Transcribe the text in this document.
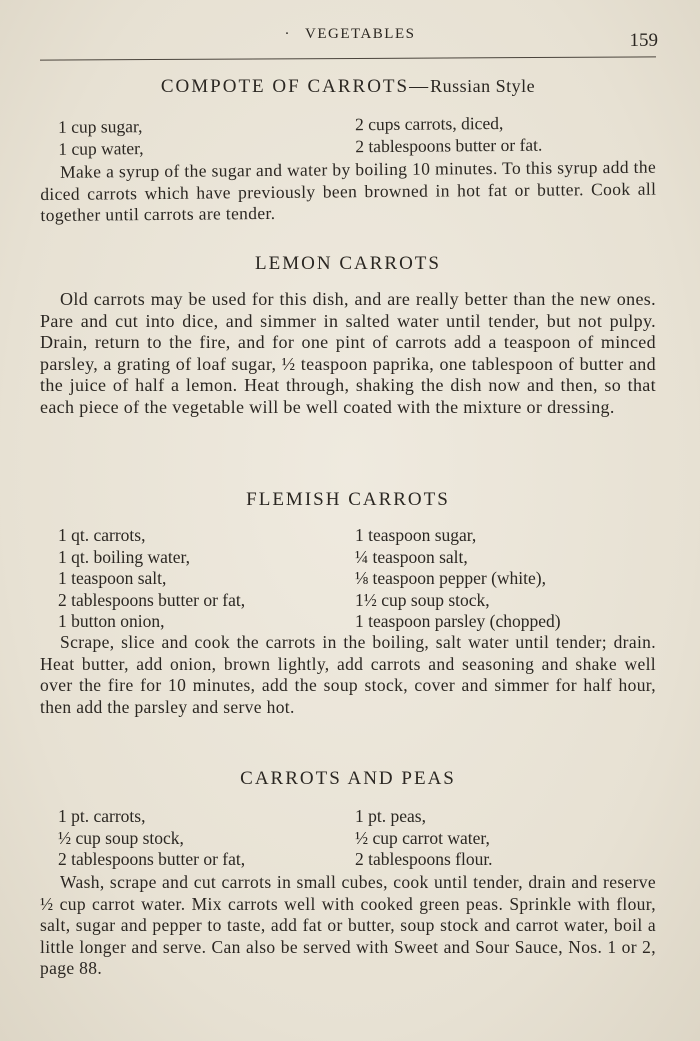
· VEGETABLES	159
COMPOTE OF CARROTS—Russian Style
1 cup sugar,	2 cups carrots, diced,
1 cup water,	2 tablespoons butter or fat.

Make a syrup of the sugar and water by boiling 10 minutes. To this syrup add the diced carrots which have previously been browned in hot fat or butter. Cook all together until carrots are tender.

LEMON CARROTS

Old carrots may be used for this dish, and are really better than the new ones. Pare and cut into dice, and simmer in salted water until tender, but not pulpy. Drain, return to the fire, and for one pint of carrots add a teaspoon of minced parsley, a grating of loaf sugar, ½ teaspoon paprika, one tablespoon of butter and the juice of half a lemon. Heat through, shaking the dish now and then, so that each piece of the vegetable will be well coated with the mixture or dressing.

FLEMISH CARROTS
1 qt. carrots,	1 teaspoon sugar,
1 qt. boiling water,	¼ teaspoon salt,
1 teaspoon salt,	⅛ teaspoon pepper (white),
2 tablespoons butter or fat,	1½ cup soup stock,
1 button onion,	1 teaspoon parsley (chopped)

Scrape, slice and cook the carrots in the boiling, salt water until tender; drain. Heat butter, add onion, brown lightly, add carrots and seasoning and shake well over the fire for 10 minutes, add the soup stock, cover and simmer for half hour, then add the parsley and serve hot.

CARROTS AND PEAS
1 pt. carrots,	1 pt. peas,
½ cup soup stock,	½ cup carrot water,
2 tablespoons butter or fat,	2 tablespoons flour.

Wash, scrape and cut carrots in small cubes, cook until tender, drain and reserve ½ cup carrot water. Mix carrots well with cooked green peas. Sprinkle with flour, salt, sugar and pepper to taste, add fat or butter, soup stock and carrot water, boil a little longer and serve. Can also be served with Sweet and Sour Sauce, Nos. 1 or 2, page 88.
